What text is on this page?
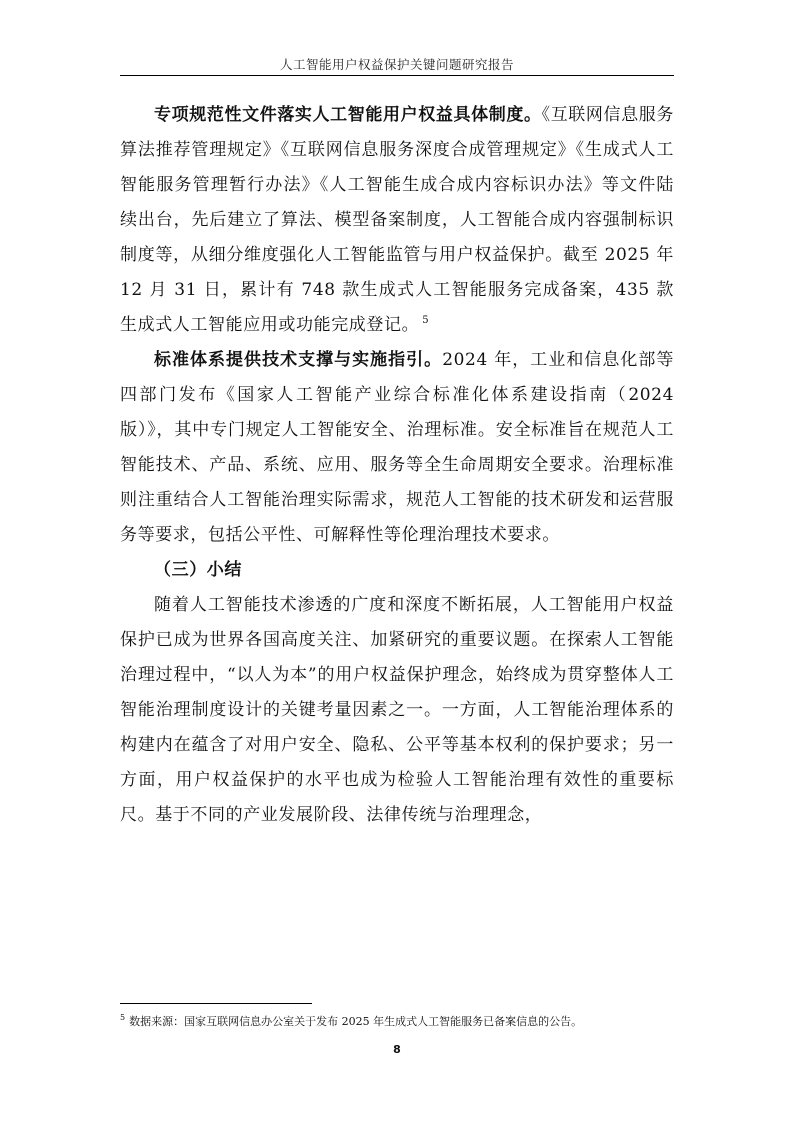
人工智能用户权益保护关键问题研究报告

专项规范性文件落实人工智能用户权益具体制度。《互联网信息服务算法推荐管理规定》《互联网信息服务深度合成管理规定》《生成式人工智能服务管理暂行办法》《人工智能生成合成内容标识办法》等文件陆续出台，先后建立了算法、模型备案制度，人工智能合成内容强制标识制度等，从细分维度强化人工智能监管与用户权益保护。截至 2025 年 12 月 31 日，累计有 748 款生成式人工智能服务完成备案，435 款生成式人工智能应用或功能完成登记。 $^5$

标准体系提供技术支撑与实施指引。2024 年，工业和信息化部等四部门发布《国家人工智能产业综合标准化体系建设指南（2024 版）》，其中专门规定人工智能安全、治理标准。安全标准旨在规范人工智能技术、产品、系统、应用、服务等全生命周期安全要求。治理标准则注重结合人工智能治理实际需求，规范人工智能的技术研发和运营服务等要求，包括公平性、可解释性等伦理治理技术要求。

（三）小结

随着人工智能技术渗透的广度和深度不断拓展，人工智能用户权益保护已成为世界各国高度关注、加紧研究的重要议题。在探索人工智能治理过程中，“以人为本”的用户权益保护理念，始终成为贯穿整体人工智能治理制度设计的关键考量因素之一。一方面，人工智能治理体系的构建内在蕴含了对用户安全、隐私、公平等基本权利的保护要求；另一方面，用户权益保护的水平也成为检验人工智能治理有效性的重要标尺。基于不同的产业发展阶段、法律传统与治理理念，

$^5$ 数据来源：国家互联网信息办公室关于发布 2025 年生成式人工智能服务已备案信息的公告。
8
